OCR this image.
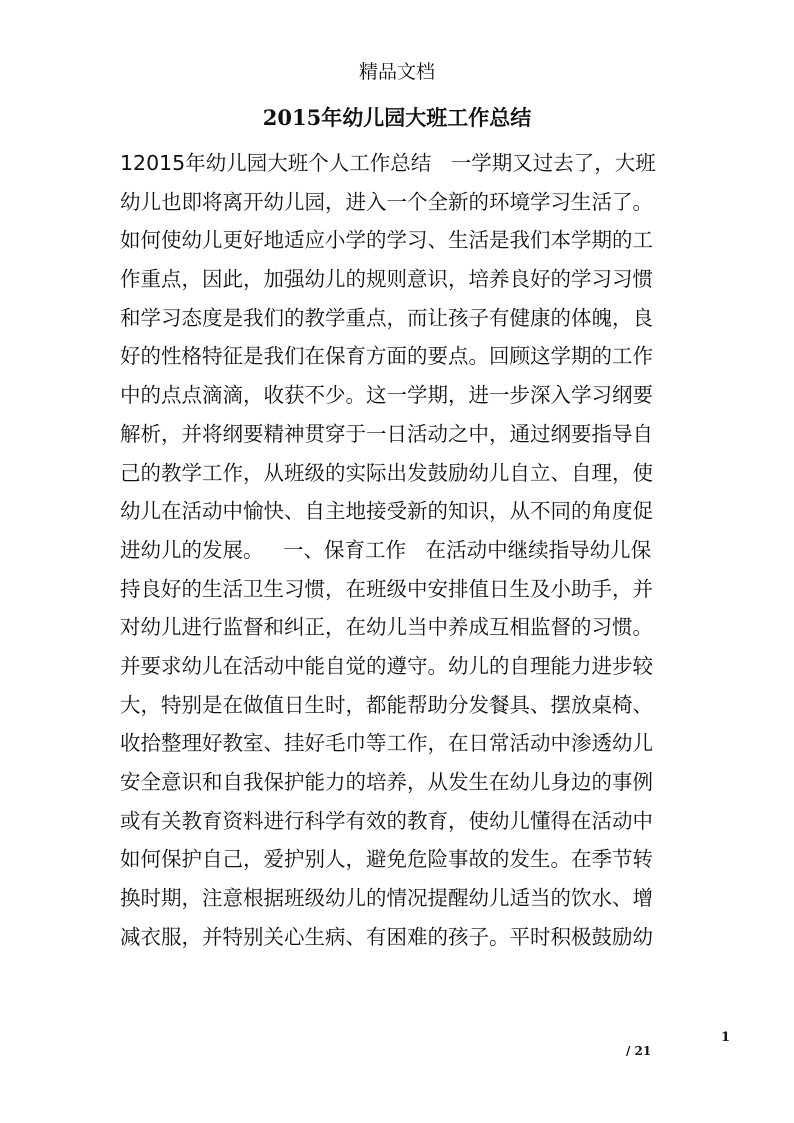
精品文档
2015年幼儿园大班工作总结
12015年幼儿园大班个人工作总结   一学期又过去了，大班
幼儿也即将离开幼儿园，进入一个全新的环境学习生活了。
如何使幼儿更好地适应小学的学习、生活是我们本学期的工
作重点，因此，加强幼儿的规则意识，培养良好的学习习惯
和学习态度是我们的教学重点，而让孩子有健康的体魄，良
好的性格特征是我们在保育方面的要点。回顾这学期的工作
中的点点滴滴，收获不少。这一学期，进一步深入学习纲要
解析，并将纲要精神贯穿于一日活动之中，通过纲要指导自
己的教学工作，从班级的实际出发鼓励幼儿自立、自理，使
幼儿在活动中愉快、自主地接受新的知识，从不同的角度促
进幼儿的发展。   一、保育工作   在活动中继续指导幼儿保
持良好的生活卫生习惯，在班级中安排值日生及小助手，并
对幼儿进行监督和纠正，在幼儿当中养成互相监督的习惯。
并要求幼儿在活动中能自觉的遵守。幼儿的自理能力进步较
大，特别是在做值日生时，都能帮助分发餐具、摆放桌椅、
收拾整理好教室、挂好毛巾等工作，在日常活动中渗透幼儿
安全意识和自我保护能力的培养，从发生在幼儿身边的事例
或有关教育资料进行科学有效的教育，使幼儿懂得在活动中
如何保护自己，爱护别人，避免危险事故的发生。在季节转
换时期，注意根据班级幼儿的情况提醒幼儿适当的饮水、增
减衣服，并特别关心生病、有困难的孩子。平时积极鼓励幼
1
/ 21
